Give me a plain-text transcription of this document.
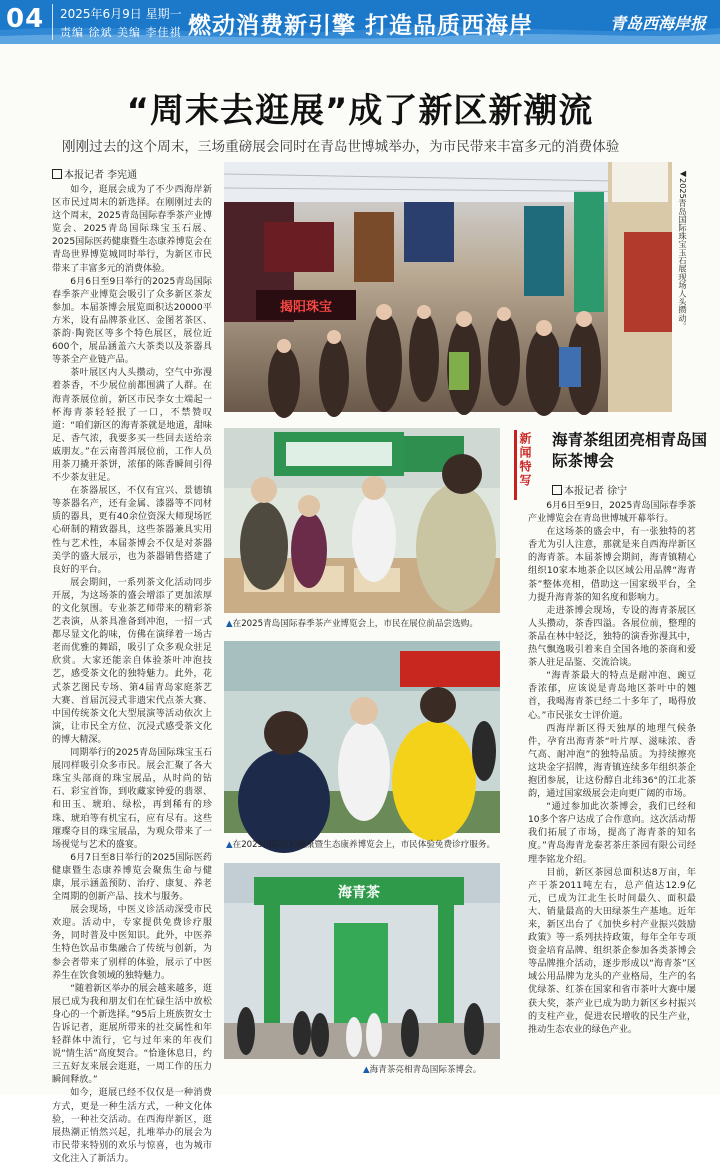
04 2025年6月9日 星期一
责编 徐斌 美编 李佳祺 燃动消费新引擎 打造品质西海岸	青岛西海岸报
“周末去逛展”成了新区新潮流
刚刚过去的这个周末，三场重磅展会同时在青岛世博城举办，为市民带来丰富多元的消费体验
本报记者 李宪通

如今，逛展会成为了不少西海岸新区市民过周末的新选择。在刚刚过去的这个周末，2025青岛国际春季茶产业博览会、2025青岛国际珠宝玉石展、2025国际医药健康暨生态康养博览会在青岛世界博览城同时举行，为新区市民带来了丰富多元的消费体验。

6月6日至9日举行的2025青岛国际春季茶产业博览会吸引了众多新区茶友参加。本届茶博会展览面积达20000平方米，设有品牌茶业区、金图茗茶区、茶韵·陶瓷区等多个特色展区，展位近600个，展品涵盖六大茶类以及茶器具等茶全产业链产品。

茶叶展区内人头攒动，空气中弥漫着茶香，不少展位前都围满了人群。在海青茶展位前，新区市民李女士端起一杯海青茶轻轻抿了一口，不禁赞叹道：“咱们新区的海青茶就是地道，甜味足、香气浓，我要多买一些回去送给亲戚朋友。”在云南普洱展位前，工作人员用茶刀撬开茶饼，浓郁的陈香瞬间引得不少茶友驻足。

在茶器展区，不仅有宜兴、景德镇等茶器名产，还有金属、漆器等不同材质的器具，更有40余位资深大师现场匠心研制的精致器具，这些茶器兼具实用性与艺术性，本届茶博会不仅是对茶器美学的盛大展示，也为茶器销售搭建了良好的平台。

展会期间，一系列茶文化活动同步开展，为这场茶的盛会增添了更加浓厚的文化氛围。专业茶艺师带来的精彩茶艺表演，从茶具准备到冲泡，一招一式都尽显文化韵味，仿佛在演绎着一场古老而优雅的舞蹈，吸引了众多观众驻足欣赏。大家还能亲自体验茶叶冲泡技艺，感受茶文化的独特魅力。此外，花式茶艺图民专场、第4届青岛家庭茶艺大赛、首届沉浸式非遗宋代点茶大赛、中国传统茶文化大型展演等活动依次上演，让市民全方位、沉浸式感受茶文化的博大精深。

同期举行的2025青岛国际珠宝玉石展同样吸引众多市民。展会汇聚了各大珠宝头部商的珠宝展品，从时尚的钻石、彩宝首饰，到收藏家钟爱的翡翠、和田玉、琥珀、绿松，再到稀有的珍珠、琥珀等有机宝石，应有尽有。这些璀璨夺目的珠宝展品，为观众带来了一场视觉与艺术的盛宴。

6月7日至8日举行的2025国际医药健康暨生态康养博览会聚焦生命与健康，展示涵盖预防、治疗、康复、养老全周期的创新产品、技术与服务。

展会现场，中医义诊活动深受市民欢迎。活动中，专家提供免费诊疗服务，同时普及中医知识。此外，中医养生特色饮品市集融合了传统与创新，为参会者带来了别样的体验，展示了中医养生在饮食领域的独特魅力。

“随着新区举办的展会越来越多，逛展已成为我和朋友们在忙碌生活中放松身心的一个新选择。”95后上班族贺女士告诉记者，逛展所带来的社交属性和年轻群体中流行，它与过年来的年夜们说“情生活”高度契合。“恰逢休息日，约三五好友来展会逛逛，一周工作的压力瞬间释放。”

如今，逛展已经不仅仅是一种消费方式，更是一种生活方式，一种文化体验，一种社交活动。在西海岸新区，逛展热潮正悄然兴起，扎堆举办的展会为市民带来特别的欢乐与惊喜，也为城市文化注入了新活力。

揭阳珠宝
◀2025青岛国际珠宝玉石展现场人头攒动。
▲在2025青岛国际春季茶产业博览会上，市民在展位前品尝选购。
▲在2025国际医药健康暨生态康养博览会上，市民体验免费诊疗服务。
海青茶
▲海青茶亮相青岛国际茶博会。
新闻特写 海青茶组团亮相青岛国际茶博会
本报记者 徐宁

6月6日至9日，2025青岛国际春季茶产业博览会在青岛世博城开幕举行。

在这场茶的盛会中，有一张独特的茗香尤为引人注意，那就是来自西海岸新区的海青茶。本届茶博会期间，海青镇精心组织10家本地茶企以区域公用品牌“海青茶”整体亮相，借助这一国家级平台，全力提升海青茶的知名度和影响力。

走进茶博会现场，专设的海青茶展区人头攒动，茶香四溢。各展位前，整理的茶品在林中轻泛，独特的演香弥漫其中，热气飘逸吸引着来自全国各地的茶商和爱茶人驻足品鉴、交流洽谈。

“海青茶最大的特点是耐冲泡、豌豆香浓郁，应该说是青岛地区茶叶中的翘首，我喝海青茶已经二十多年了，喝得放心。”市民张女士评价道。

西海岸新区得天独厚的地理气候条件，孕育出海青茶“叶片厚、滋味浓、香气高、耐冲泡”的独特品质。为持续擦亮这块金字招牌，海青镇连续多年组织茶企抱团参展，让这份醇自北纬36°的江北茶韵，通过国家级展会走向更广阔的市场。

“通过参加此次茶博会，我们已经和10多个客户达成了合作意向。这次活动帮我们拓展了市场，提高了海青茶的知名度。”青岛海青龙泰茗茶庄茶园有限公司经理李铭龙介绍。

目前，新区茶园总面积达8万亩，年产干茶2011吨左右，总产值达12.9亿元，已成为江北生长时间最久、面积最大、销量最高的大田绿茶生产基地。近年来，新区出台了《加快乡村产业振兴鼓励政策》等一系列扶持政策，每年全年专项资金培育品牌、组织茶企参加各类茶博会等品牌推介活动，逐步形成以“海青茶”区域公用品牌为龙头的产业格局，生产的名优绿茶、红茶在国家和省市茶叶大赛中屡获大奖，茶产业已成为助力新区乡村振兴的支柱产业，促进农民增收的民生产业，推动生态农业的绿色产业。
